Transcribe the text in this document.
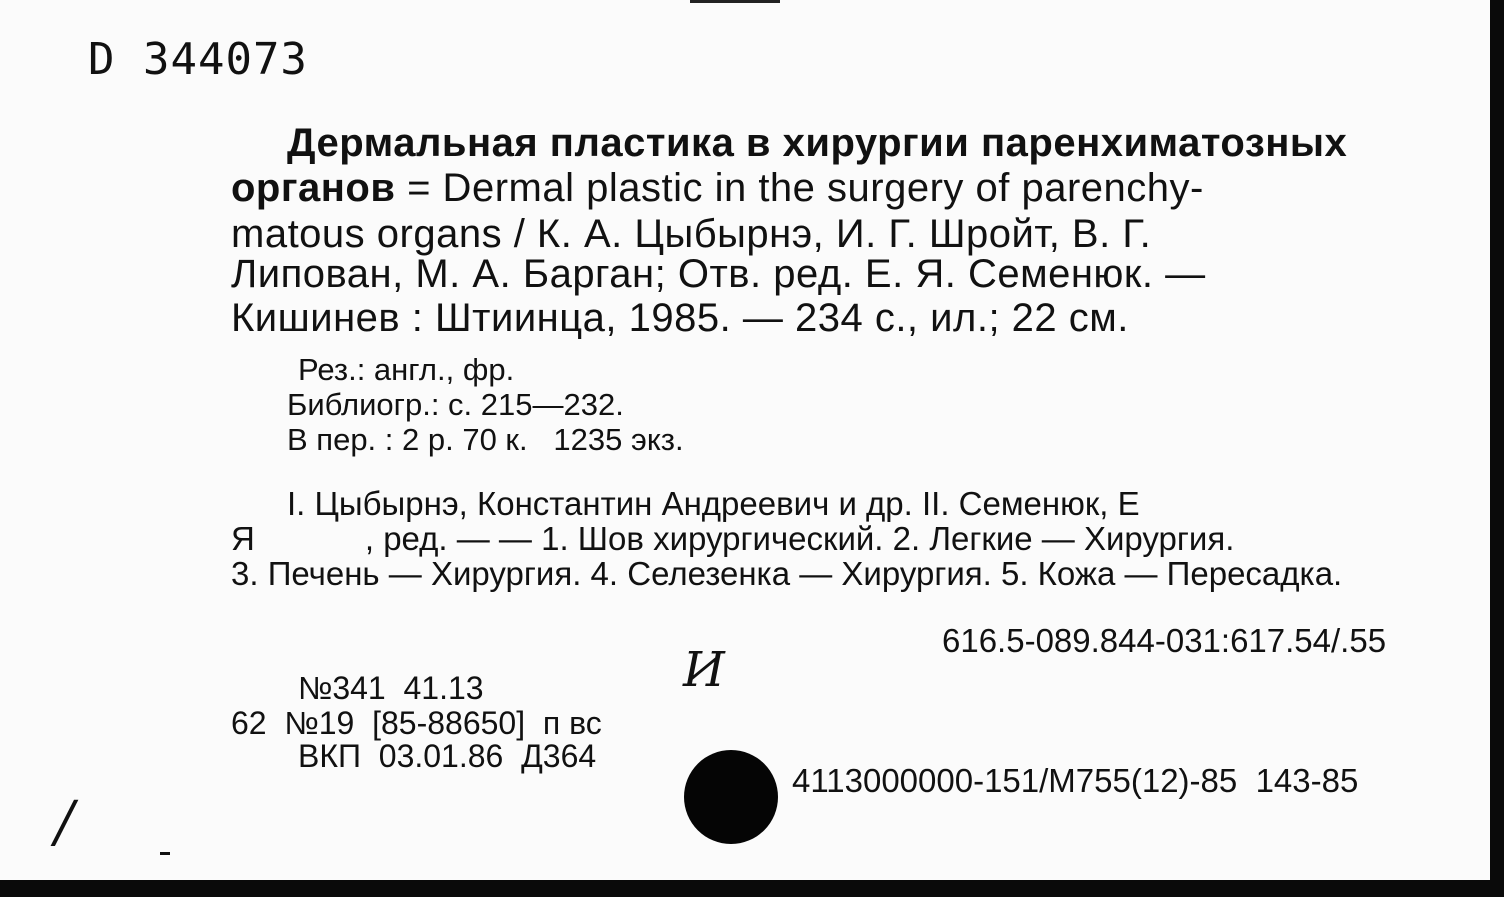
D 344073
Дермальная пластика в хирургии паренхиматозных
органов = Dermal plastic in the surgery of parenchy-
matous organs / К. А. Цыбырнэ, И. Г. Шройт, В. Г.
Липован, М. А. Барган; Отв. ред. Е. Я. Семенюк. —
Кишинев : Штиинца, 1985. — 234 с., ил.; 22 см.
Рез.: англ., фр.
Библиогр.: с. 215—232.
В пер. : 2 р. 70 к.   1235 экз.
I. Цыбырнэ, Константин Андреевич и др. II. Семенюк, Е
Я            , ред. — — 1. Шов хирургический. 2. Легкие — Хирургия.
3. Печень — Хирургия. 4. Селезенка — Хирургия. 5. Кожа — Пересадка.
616.5-089.844-031:617.54/.55
№341  41.13
62  №19  [85-88650]  п вс
ВКП  03.01.86  Д364
И
4113000000-151/М755(12)-85  143-85
/
